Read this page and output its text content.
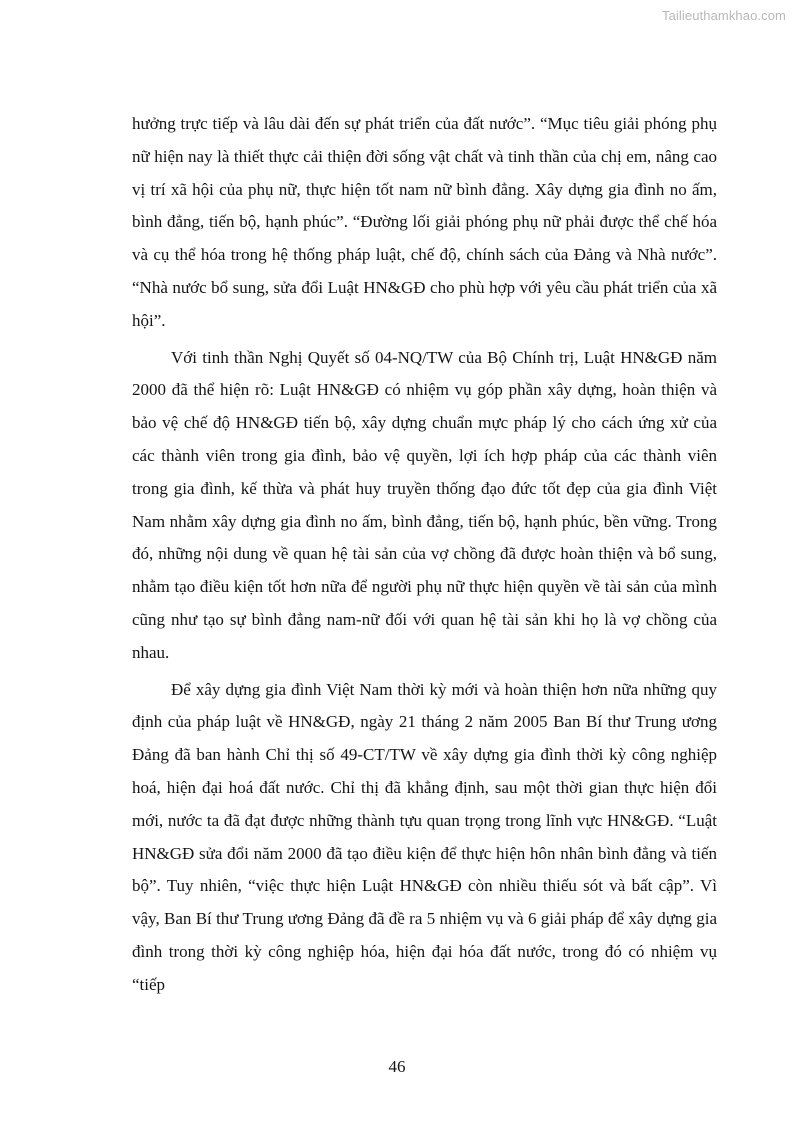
Tailieuthamkhao.com

hưởng trực tiếp và lâu dài đến sự phát triển của đất nước”. “Mục tiêu giải phóng phụ nữ hiện nay là thiết thực cải thiện đời sống vật chất và tinh thần của chị em, nâng cao vị trí xã hội của phụ nữ, thực hiện tốt nam nữ bình đẳng. Xây dựng gia đình no ấm, bình đẳng, tiến bộ, hạnh phúc”. “Đường lối giải phóng phụ nữ phải được thể chế hóa và cụ thể hóa trong hệ thống pháp luật, chế độ, chính sách của Đảng và Nhà nước”. “Nhà nước bổ sung, sửa đổi Luật HN&GĐ cho phù hợp với yêu cầu phát triển của xã hội”.

Với tinh thần Nghị Quyết số 04-NQ/TW của Bộ Chính trị, Luật HN&GĐ năm 2000 đã thể hiện rõ: Luật HN&GĐ có nhiệm vụ góp phần xây dựng, hoàn thiện và bảo vệ chế độ HN&GĐ tiến bộ, xây dựng chuẩn mực pháp lý cho cách ứng xử của các thành viên trong gia đình, bảo vệ quyền, lợi ích hợp pháp của các thành viên trong gia đình, kế thừa và phát huy truyền thống đạo đức tốt đẹp của gia đình Việt Nam nhằm xây dựng gia đình no ấm, bình đẳng, tiến bộ, hạnh phúc, bền vững. Trong đó, những nội dung về quan hệ tài sản của vợ chồng đã được hoàn thiện và bổ sung, nhằm tạo điều kiện tốt hơn nữa để người phụ nữ thực hiện quyền về tài sản của mình cũng như tạo sự bình đẳng nam-nữ đối với quan hệ tài sản khi họ là vợ chồng của nhau.

Để xây dựng gia đình Việt Nam thời kỳ mới và hoàn thiện hơn nữa những quy định của pháp luật về HN&GĐ, ngày 21 tháng 2 năm 2005 Ban Bí thư Trung ương Đảng đã ban hành Chỉ thị số 49-CT/TW về xây dựng gia đình thời kỳ công nghiệp hoá, hiện đại hoá đất nước. Chỉ thị đã khẳng định, sau một thời gian thực hiện đổi mới, nước ta đã đạt được những thành tựu quan trọng trong lĩnh vực HN&GĐ. “Luật HN&GĐ sửa đổi năm 2000 đã tạo điều kiện để thực hiện hôn nhân bình đẳng và tiến bộ”. Tuy nhiên, “việc thực hiện Luật HN&GĐ còn nhiều thiếu sót và bất cập”. Vì vậy, Ban Bí thư Trung ương Đảng đã đề ra 5 nhiệm vụ và 6 giải pháp để xây dựng gia đình trong thời kỳ công nghiệp hóa, hiện đại hóa đất nước, trong đó có nhiệm vụ “tiếp

46
